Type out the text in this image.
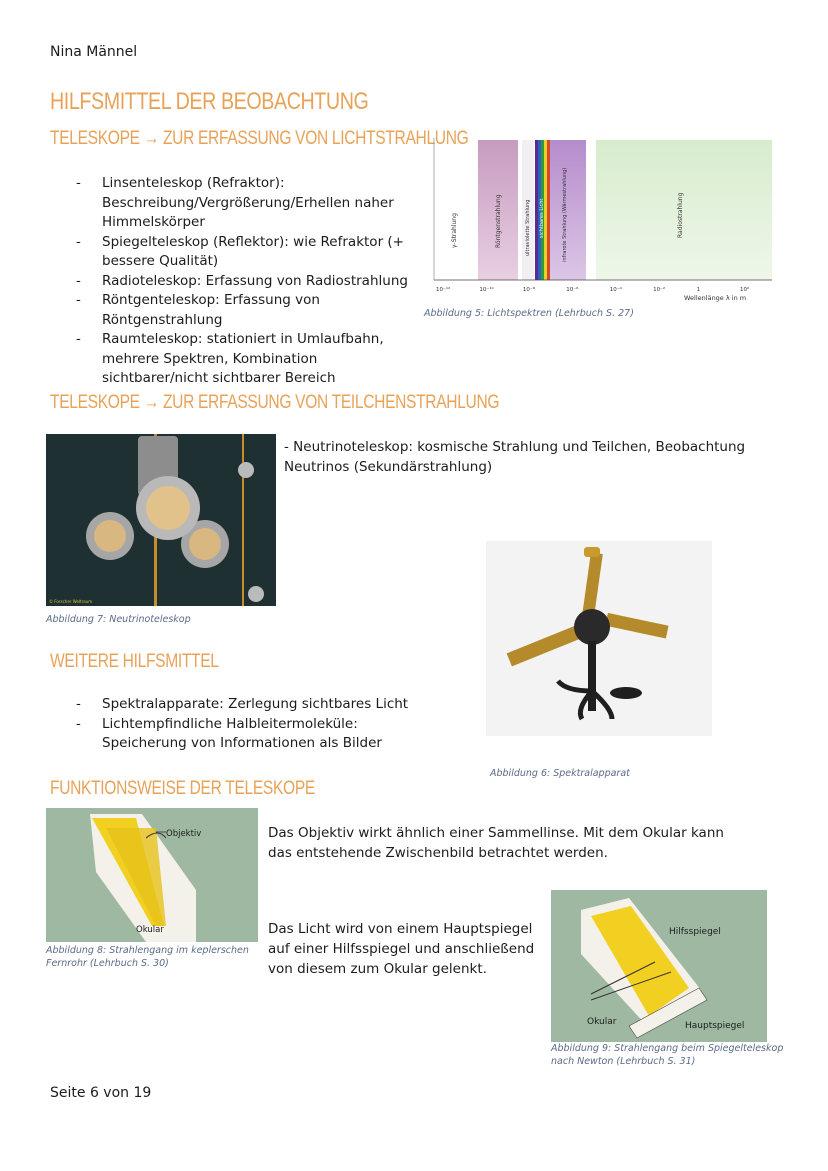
Nina Männel
HILFSMITTEL DER BEOBACHTUNG
TELESKOPE → ZUR ERFASSUNG VON LICHTSTRAHLUNG
- Linsenteleskop (Refraktor): Beschreibung/Vergrößerung/Erhellen naher Himmelskörper
- Spiegelteleskop (Reflektor): wie Refraktor (+ bessere Qualität)
- Radioteleskop: Erfassung von Radiostrahlung
- Röntgenteleskop: Erfassung von Röntgenstrahlung
- Raumteleskop: stationiert in Umlaufbahn, mehrere Spektren, Kombination sichtbarer/nicht sichtbarer Bereich
γ-Strahlung	Röntgenstrahlung	ultraviolette Strahlung sichtbares Licht	infrarote Strahlung (Wärmestrahlung)	Radiostrahlung
10⁻¹²	10⁻¹⁰	10⁻⁸	10⁻⁶	10⁻⁴	10⁻²	1	10²
Wellenlänge λ in m
Abbildung 5: Lichtspektren (Lehrbuch S. 27)
TELESKOPE → ZUR ERFASSUNG VON TEILCHENSTRAHLUNG
© Forscher Weltraum
Abbildung 7: Neutrinoteleskop
- Neutrinoteleskop: kosmische Strahlung und Teilchen, Beobachtung Neutrinos (Sekundärstrahlung)
Abbildung 6: Spektralapparat
WEITERE HILFSMITTEL
- Spektralapparate: Zerlegung sichtbares Licht
- Lichtempfindliche Halbleitermoleküle: Speicherung von Informationen als Bilder
FUNKTIONSWEISE DER TELESKOPE
Objektiv
Okular
Abbildung 8: Strahlengang im keplerschen Fernrohr (Lehrbuch S. 30)
Das Objektiv wirkt ähnlich einer Sammellinse. Mit dem Okular kann das entstehende Zwischenbild betrachtet werden.
Das Licht wird von einem Hauptspiegel auf einer Hilfsspiegel und anschließend von diesem zum Okular gelenkt.
Hilfsspiegel
Okular	Hauptspiegel
Abbildung 9: Strahlengang beim Spiegelteleskop nach Newton (Lehrbuch S. 31)
Seite 6 von 19
